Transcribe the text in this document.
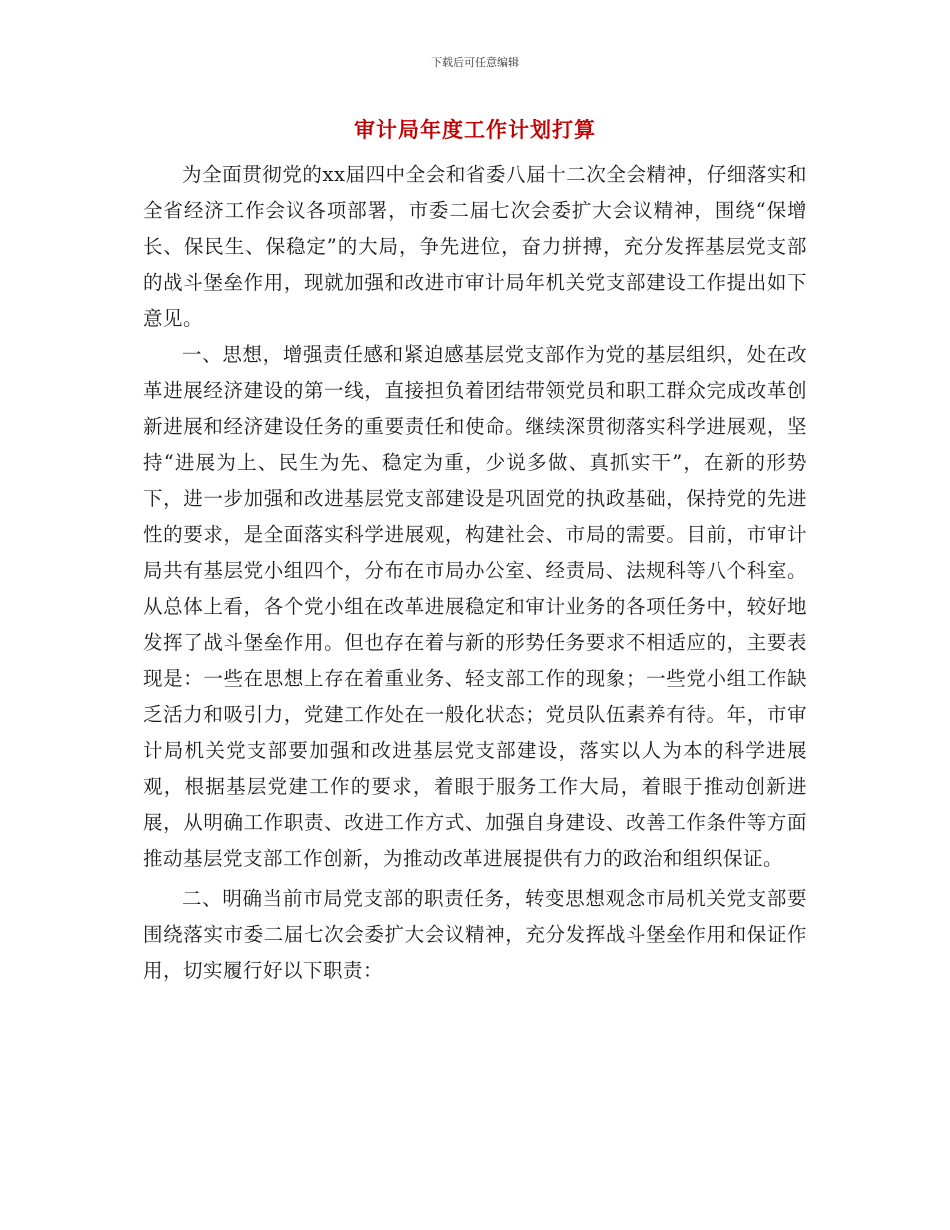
下载后可任意编辑
审计局年度工作计划打算

为全面贯彻党的xx届四中全会和省委八届十二次全会精神，仔细落实和全省经济工作会议各项部署，市委二届七次会委扩大会议精神，围绕“保增长、保民生、保稳定”的大局，争先进位，奋力拼搏，充分发挥基层党支部的战斗堡垒作用，现就加强和改进市审计局年机关党支部建设工作提出如下意见。

一、思想，增强责任感和紧迫感基层党支部作为党的基层组织，处在改革进展经济建设的第一线，直接担负着团结带领党员和职工群众完成改革创新进展和经济建设任务的重要责任和使命。继续深贯彻落实科学进展观，坚持“进展为上、民生为先、稳定为重，少说多做、真抓实干”，在新的形势下，进一步加强和改进基层党支部建设是巩固党的执政基础，保持党的先进性的要求，是全面落实科学进展观，构建社会、市局的需要。目前，市审计局共有基层党小组四个，分布在市局办公室、经责局、法规科等八个科室。从总体上看，各个党小组在改革进展稳定和审计业务的各项任务中，较好地发挥了战斗堡垒作用。但也存在着与新的形势任务要求不相适应的，主要表现是：一些在思想上存在着重业务、轻支部工作的现象；一些党小组工作缺乏活力和吸引力，党建工作处在一般化状态；党员队伍素养有待。年，市审计局机关党支部要加强和改进基层党支部建设，落实以人为本的科学进展观，根据基层党建工作的要求，着眼于服务工作大局，着眼于推动创新进展，从明确工作职责、改进工作方式、加强自身建设、改善工作条件等方面推动基层党支部工作创新，为推动改革进展提供有力的政治和组织保证。

二、明确当前市局党支部的职责任务，转变思想观念市局机关党支部要围绕落实市委二届七次会委扩大会议精神，充分发挥战斗堡垒作用和保证作用，切实履行好以下职责：
